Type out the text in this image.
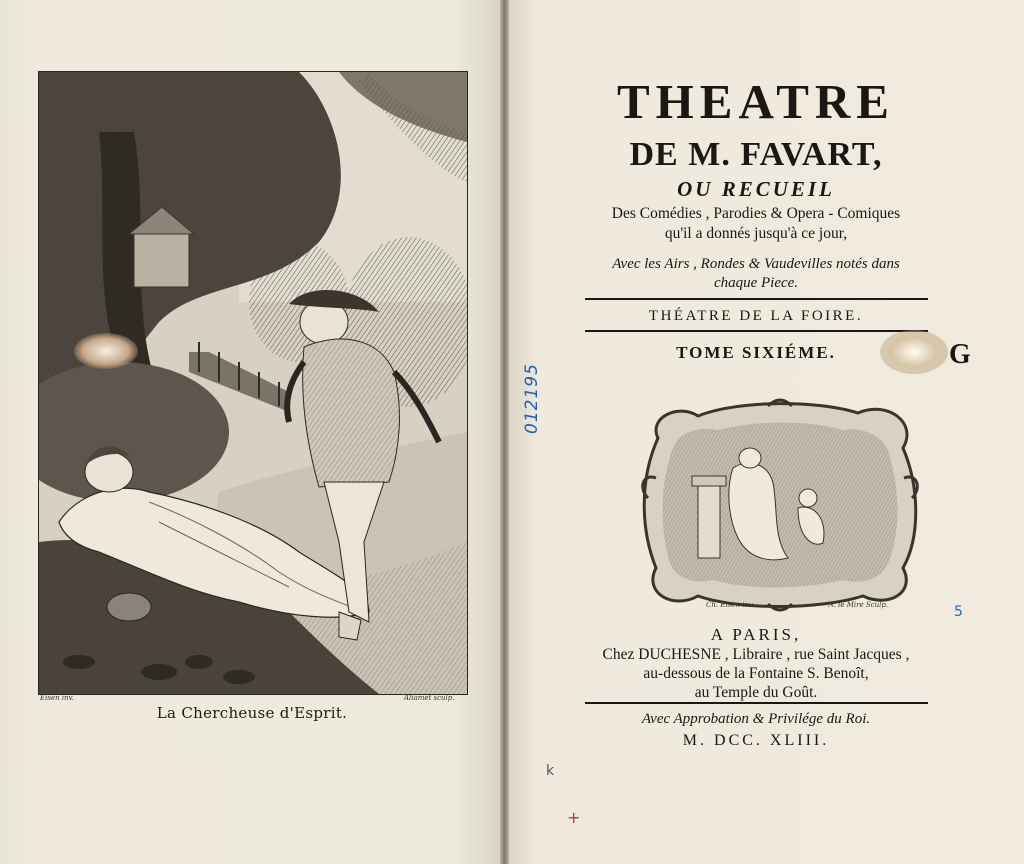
Eisen inv.	Aliamet sculp.
La Chercheuse d'Esprit.
THEATRE
DE M. FAVART,
OU RECUEIL
Des Comédies , Parodies & Opera - Comiques
qu'il a donnés jusqu'à ce jour,
Avec les Airs , Rondes & Vaudevilles notés dans
chaque Piece.
THÉATRE DE LA FOIRE.
TOME SIXIÉME.	G
Ch. Eisen inv.	N. le Mire Sculp.
A PARIS,
Chez DUCHESNE , Libraire , rue Saint Jacques ,
au-dessous de la Fontaine S. Benoît,
au Temple du Goût.
Avec Approbation & Privilége du Roi.
M. DCC. XLIII.
012195
5
k
+
